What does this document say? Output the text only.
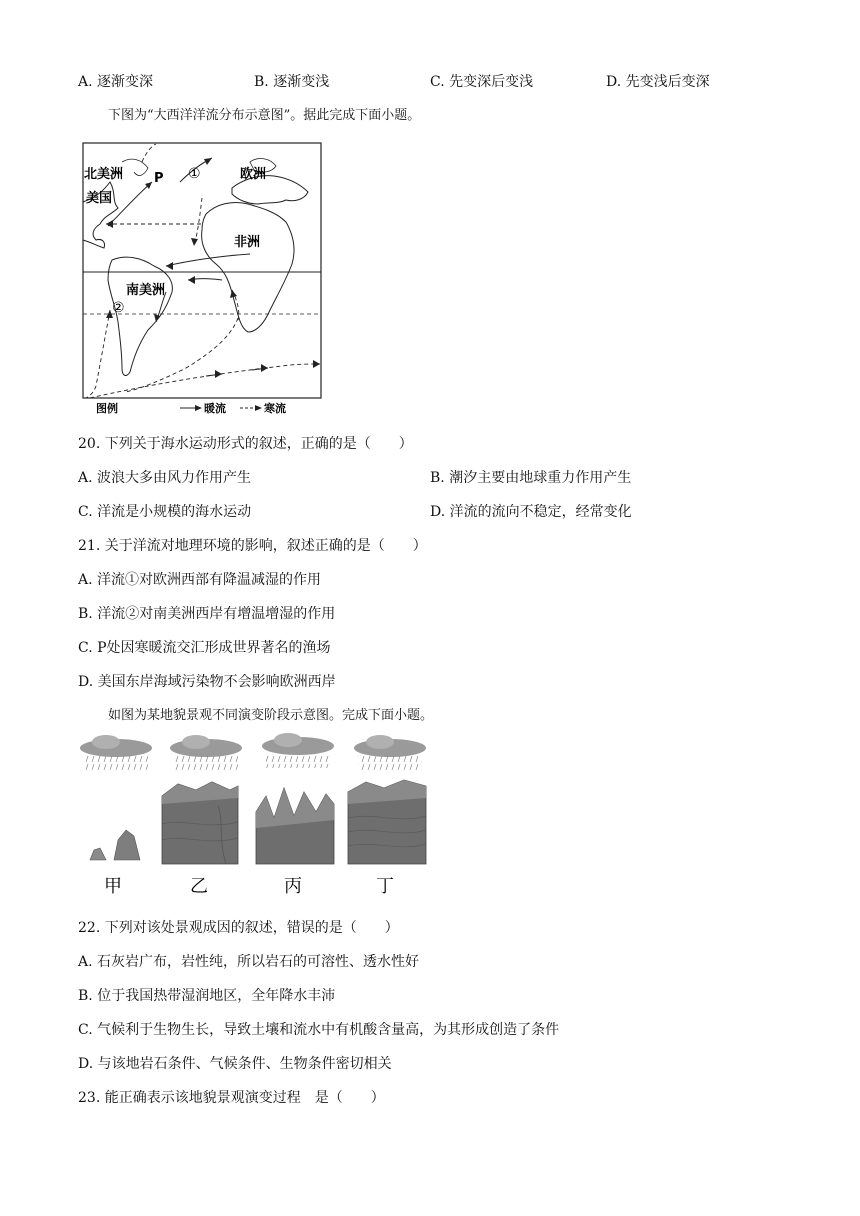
A. 逐渐变深	B. 逐渐变浅	C. 先变深后变浅	D. 先变浅后变深
下图为“大西洋洋流分布示意图”。据此完成下面小题。
北美洲
美国
P ①	欧洲
非洲
南美洲
②
图例	暖流	寒流
20. 下列关于海水运动形式的叙述，正确的是（　　）
A. 波浪大多由风力作用产生	B. 潮汐主要由地球重力作用产生
C. 洋流是小规模的海水运动	D. 洋流的流向不稳定，经常变化
21. 关于洋流对地理环境的影响，叙述正确的是（　　）
A. 洋流①对欧洲西部有降温减湿的作用
B. 洋流②对南美洲西岸有增温增湿的作用
C. P处因寒暖流交汇形成世界著名的渔场
D. 美国东岸海域污染物不会影响欧洲西岸
如图为某地貌景观不同演变阶段示意图。完成下面小题。
甲	乙	丙	丁
22. 下列对该处景观成因的叙述，错误的是（　　）
A. 石灰岩广布，岩性纯，所以岩石的可溶性、透水性好
B. 位于我国热带湿润地区，全年降水丰沛
C. 气候利于生物生长，导致土壤和流水中有机酸含量高，为其形成创造了条件
D. 与该地岩石条件、气候条件、生物条件密切相关
23. 能正确表示该地貌景观演变过程　是（　　）
